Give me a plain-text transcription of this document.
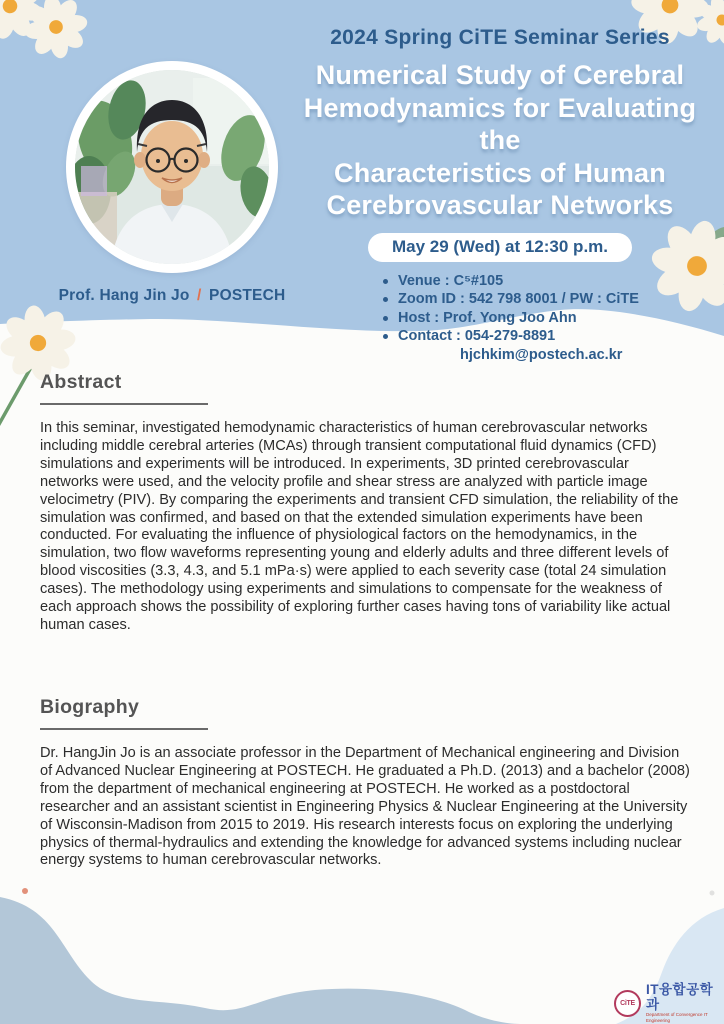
Prof. Hang Jin Jo / POSTECH
2024 Spring CiTE Seminar Series
Numerical Study of Cerebral
Hemodynamics for Evaluating the
Characteristics of Human
Cerebrovascular Networks
May 29 (Wed) at 12:30 p.m.
Venue : C⁵#105
Zoom ID : 542 798 8001 / PW : CiTE
Host : Prof. Yong Joo Ahn
Contact : 054-279-8891
hjchkim@postech.ac.kr
Abstract

In this seminar, investigated hemodynamic characteristics of human cerebrovascular networks including middle cerebral arteries (MCAs) through transient computational fluid dynamics (CFD) simulations and experiments will be introduced. In experiments, 3D printed cerebrovascular networks were used, and the velocity profile and shear stress are analyzed with particle image velocimetry (PIV). By comparing the experiments and transient CFD simulation, the reliability of the simulation was confirmed, and based on that the extended simulation experiments have been conducted. For evaluating the influence of physiological factors on the hemodynamics, in the simulation, two flow waveforms representing young and elderly adults and three different levels of blood viscosities (3.3, 4.3, and 5.1 mPa·s) were applied to each severity case (total 24 simulation cases). The methodology using experiments and simulations to compensate for the weakness of each approach shows the possibility of exploring further cases having tons of variability like actual human cases.

Biography

Dr. HangJin Jo is an associate professor in the Department of Mechanical engineering and Division of Advanced Nuclear Engineering at POSTECH. He graduated a Ph.D. (2013) and a bachelor (2008) from the department of mechanical engineering at POSTECH. He worked as a postdoctoral researcher and an assistant scientist in Engineering Physics & Nuclear Engineering at the University of Wisconsin-Madison from 2015 to 2019. His research interests focus on exploring the underlying physics of thermal-hydraulics and extending the knowledge for advanced systems including nuclear energy systems to human cerebrovascular networks.

CiTE
IT융합공학과
Department of Convergence IT Engineering
